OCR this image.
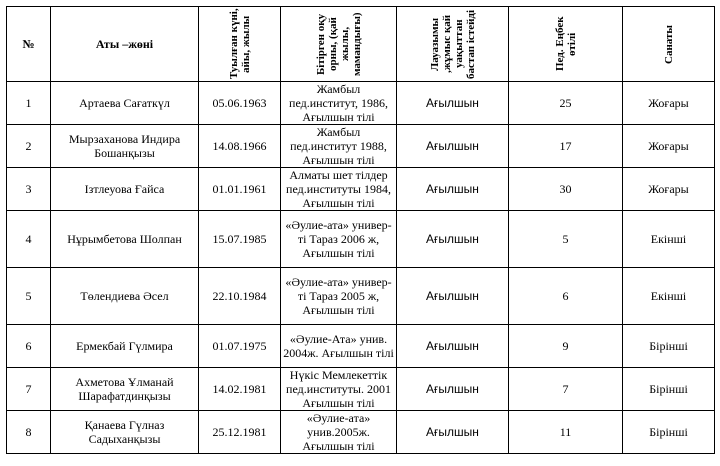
№	Аты –жөні	Туылған күні, айы, жылы	Бітірген оқу орны, (қай жылы, мамандығы)	Лауазымы ,жұмыс қай уақыттан бастап істейді	Пед. Еңбек өтілі	Санаты

1	Артаева Сағаткүл	05.06.1963	Жамбыл пед.институт, 1986, Ағылшын тілі	Ағылшын	25	Жоғары
2	Мырзаханова Индира Бошанқызы	14.08.1966	Жамбыл пед.институт 1988, Ағылшын тілі	Ағылшын	17	Жоғары
3	Ізтлеуова Ғайса	01.01.1961	Алматы шет тілдер пед.институты 1984, Ағылшын тілі	Ағылшын	30	Жоғары
4	Нұрымбетова Шолпан	15.07.1985	«Әулие-ата» универ-ті Тараз 2006 ж, Ағылшын тілі	Ағылшын	5	Екінші
5	Төлендиева Әсел	22.10.1984	«Әулие-ата» универ-ті Тараз 2005 ж, Ағылшын тілі	Ағылшын	6	Екінші
6	Ермекбай Гүлмира	01.07.1975	«Әулие-Ата» унив. 2004ж. Ағылшын тілі	Ағылшын	9	Бірінші
7	Ахметова Ұлманай Шарафатдинқызы	14.02.1981	Нүкіс Мемлекеттік пед.институты. 2001 Ағылшын тілі	Ағылшын	7	Бірінші
8	Қанаева Гүлназ Садыханқызы	25.12.1981	«Әулие-ата» унив.2005ж. Ағылшын тілі	Ағылшын	11	Бірінші
